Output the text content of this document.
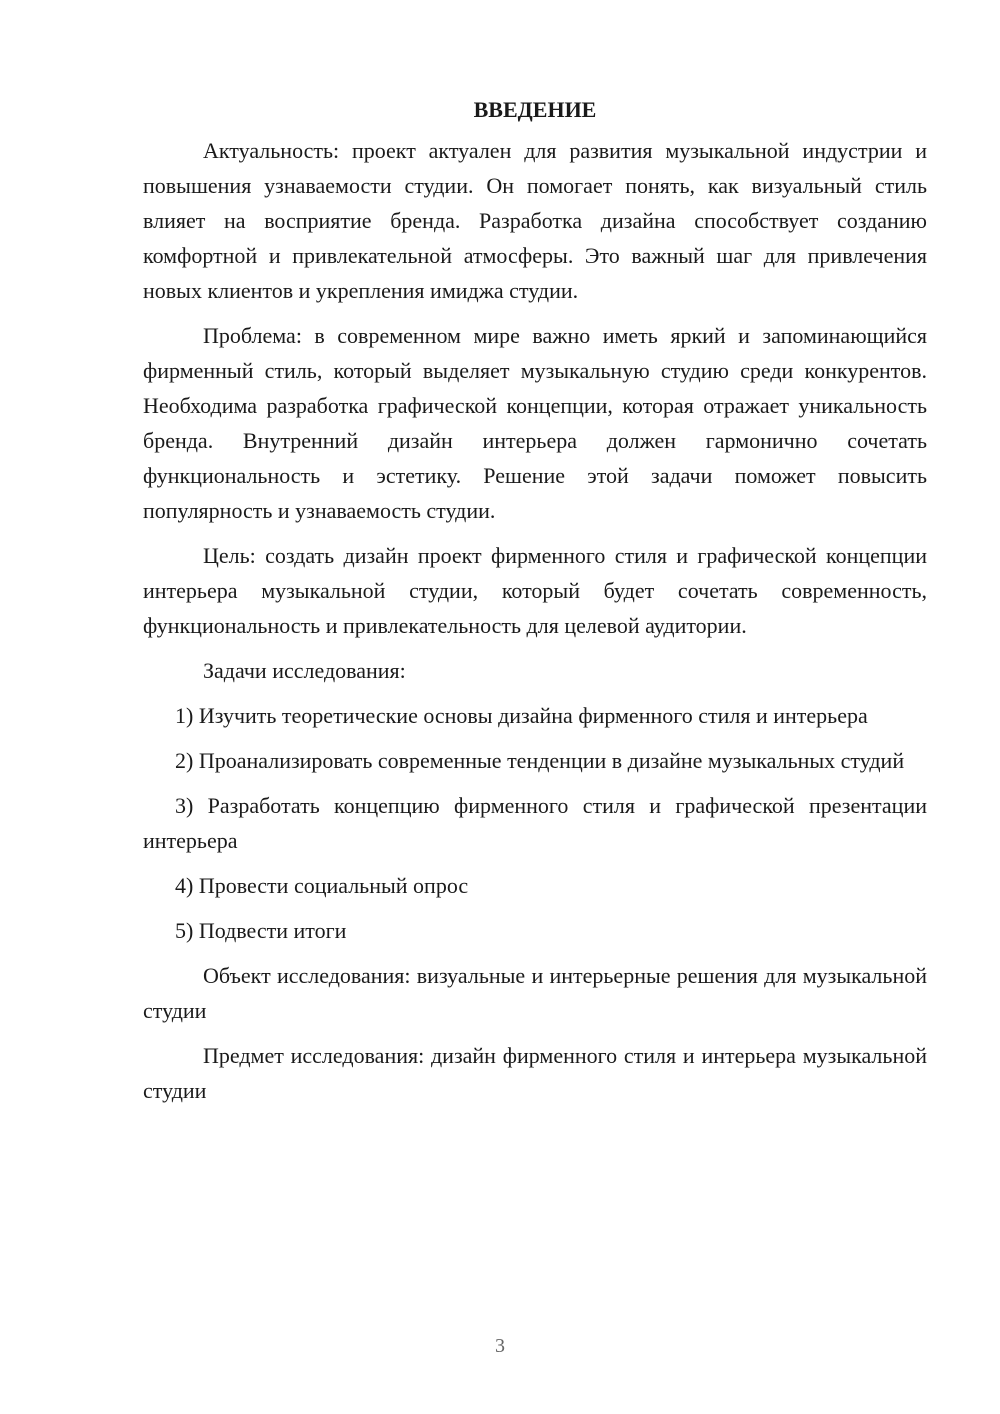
ВВЕДЕНИЕ

Актуальность: проект актуален для развития музыкальной индустрии и повышения узнаваемости студии. Он помогает понять, как визуальный стиль влияет на восприятие бренда. Разработка дизайна способствует созданию комфортной и привлекательной атмосферы. Это важный шаг для привлечения новых клиентов и укрепления имиджа студии.

Проблема: в современном мире важно иметь яркий и запоминающийся фирменный стиль, который выделяет музыкальную студию среди конкурентов. Необходима разработка графической концепции, которая отражает уникальность бренда. Внутренний дизайн интерьера должен гармонично сочетать функциональность и эстетику. Решение этой задачи поможет повысить популярность и узнаваемость студии.

Цель: создать дизайн проект фирменного стиля и графической концепции интерьера музыкальной студии, который будет сочетать современность, функциональность и привлекательность для целевой аудитории.

Задачи исследования:

1) Изучить теоретические основы дизайна фирменного стиля и интерьера

2) Проанализировать современные тенденции в дизайне музыкальных студий

3) Разработать концепцию фирменного стиля и графической презентации интерьера

4) Провести социальный опрос

5) Подвести итоги

Объект исследования: визуальные и интерьерные решения для музыкальной студии

Предмет исследования: дизайн фирменного стиля и интерьера музыкальной студии

3
